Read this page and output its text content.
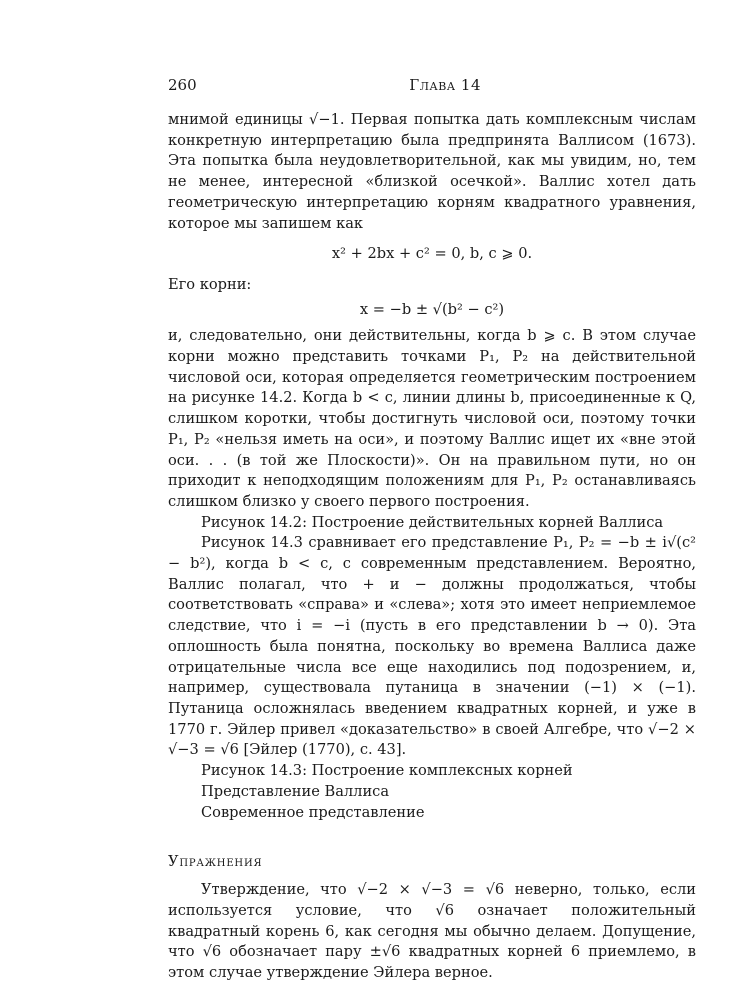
260	Глава 14

мнимой единицы √−1. Первая попытка дать комплексным числам конкретную интерпретацию была предпринята Валлисом (1673). Эта попытка была неудовлетворительной, как мы увидим, но, тем не менее, интересной «близкой осечкой». Валлис хотел дать геометрическую интерпретацию корням квадратного уравнения, которое мы запишем как

x² + 2bx + c² = 0, b, c ⩾ 0.

Его корни:

x = −b ± √(b² − c²)

и, следовательно, они действительны, когда b ⩾ c. В этом случае корни можно представить точками P₁, P₂ на действительной числовой оси, которая определяется геометрическим построением на рисунке 14.2. Когда b < c, линии длины b, присоединенные к Q, слишком коротки, чтобы достигнуть числовой оси, поэтому точки P₁, P₂ «нельзя иметь на оси», и поэтому Валлис ищет их «вне этой оси. . . (в той же Плоскости)». Он на правильном пути, но он приходит к неподходящим положениям для P₁, P₂ останавливаясь слишком близко у своего первого построения.

Рисунок 14.2: Построение действительных корней Валлиса

Рисунок 14.3 сравнивает его представление P₁, P₂ = −b ± i√(c² − b²), когда b < c, с современным представлением. Вероятно, Валлис полагал, что + и − должны продолжаться, чтобы соответствовать «справа» и «слева»; хотя это имеет неприемлемое следствие, что i = −i (пусть в его представлении b → 0). Эта оплошность была понятна, поскольку во времена Валлиса даже отрицательные числа все еще находились под подозрением, и, например, существовала путаница в значении (−1) × (−1). Путаница осложнялась введением квадратных корней, и уже в 1770 г. Эйлер привел «доказательство» в своей Алгебре, что √−2 × √−3 = √6 [Эйлер (1770), с. 43].

Рисунок 14.3: Построение комплексных корней

Представление Валлиса

Современное представление

Упражнения

Утверждение, что √−2 × √−3 = √6 неверно, только, если используется условие, что √6 означает положительный квадратный корень 6, как сегодня мы обычно делаем. Допущение, что √6 обозначает пару ±√6 квадратных корней 6 приемлемо, в этом случае утверждение Эйлера верное.
